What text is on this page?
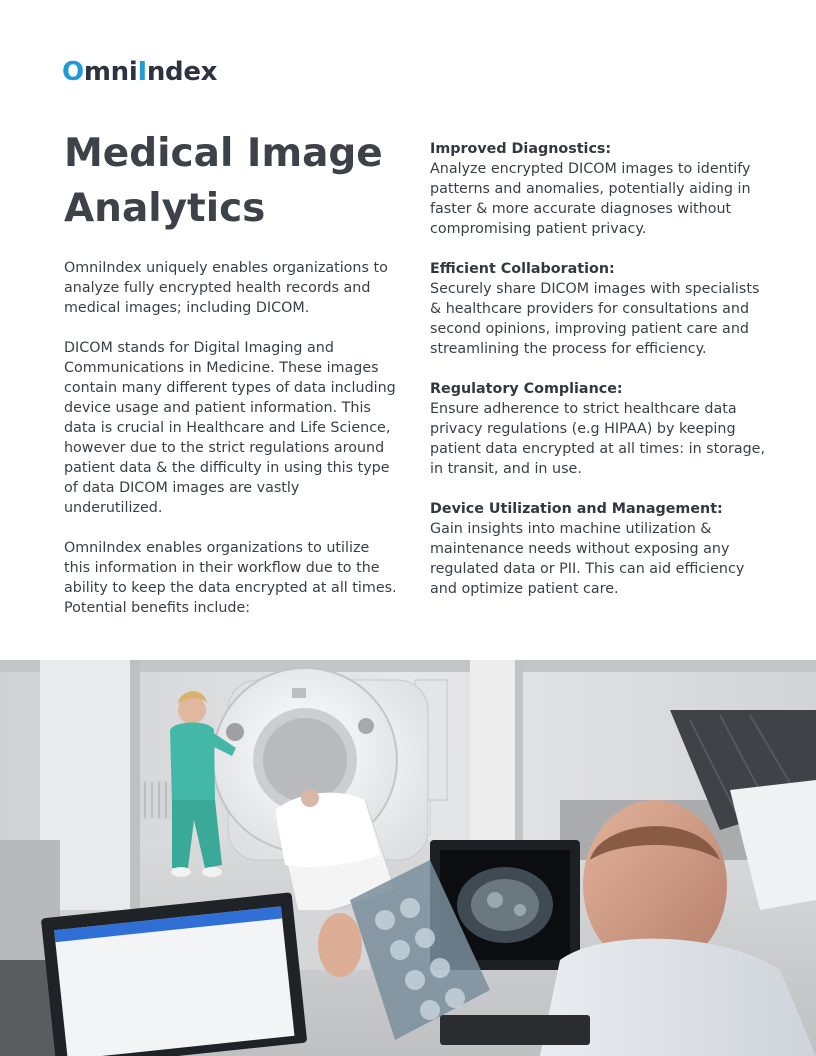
OmniIndex
Medical Image Analytics

OmniIndex uniquely enables organizations to analyze fully encrypted health records and medical images; including DICOM.

DICOM stands for Digital Imaging and Communications in Medicine. These images contain many different types of data including device usage and patient information. This data is crucial in Healthcare and Life Science, however due to the strict regulations around patient data & the difficulty in using this type of data DICOM images are vastly underutilized.

OmniIndex enables organizations to utilize this information in their workflow due to the ability to keep the data encrypted at all times. Potential benefits include:

Improved Diagnostics:
Analyze encrypted DICOM images to identify patterns and anomalies, potentially aiding in faster & more accurate diagnoses without compromising patient privacy.
Efficient Collaboration:
Securely share DICOM images with specialists & healthcare providers for consultations and second opinions, improving patient care and streamlining the process for efficiency.
Regulatory Compliance:
Ensure adherence to strict healthcare data privacy regulations (e.g HIPAA) by keeping patient data encrypted at all times: in storage, in transit, and in use.
Device Utilization and Management:
Gain insights into machine utilization & maintenance needs without exposing any regulated data or PII. This can aid efficiency and optimize patient care.
